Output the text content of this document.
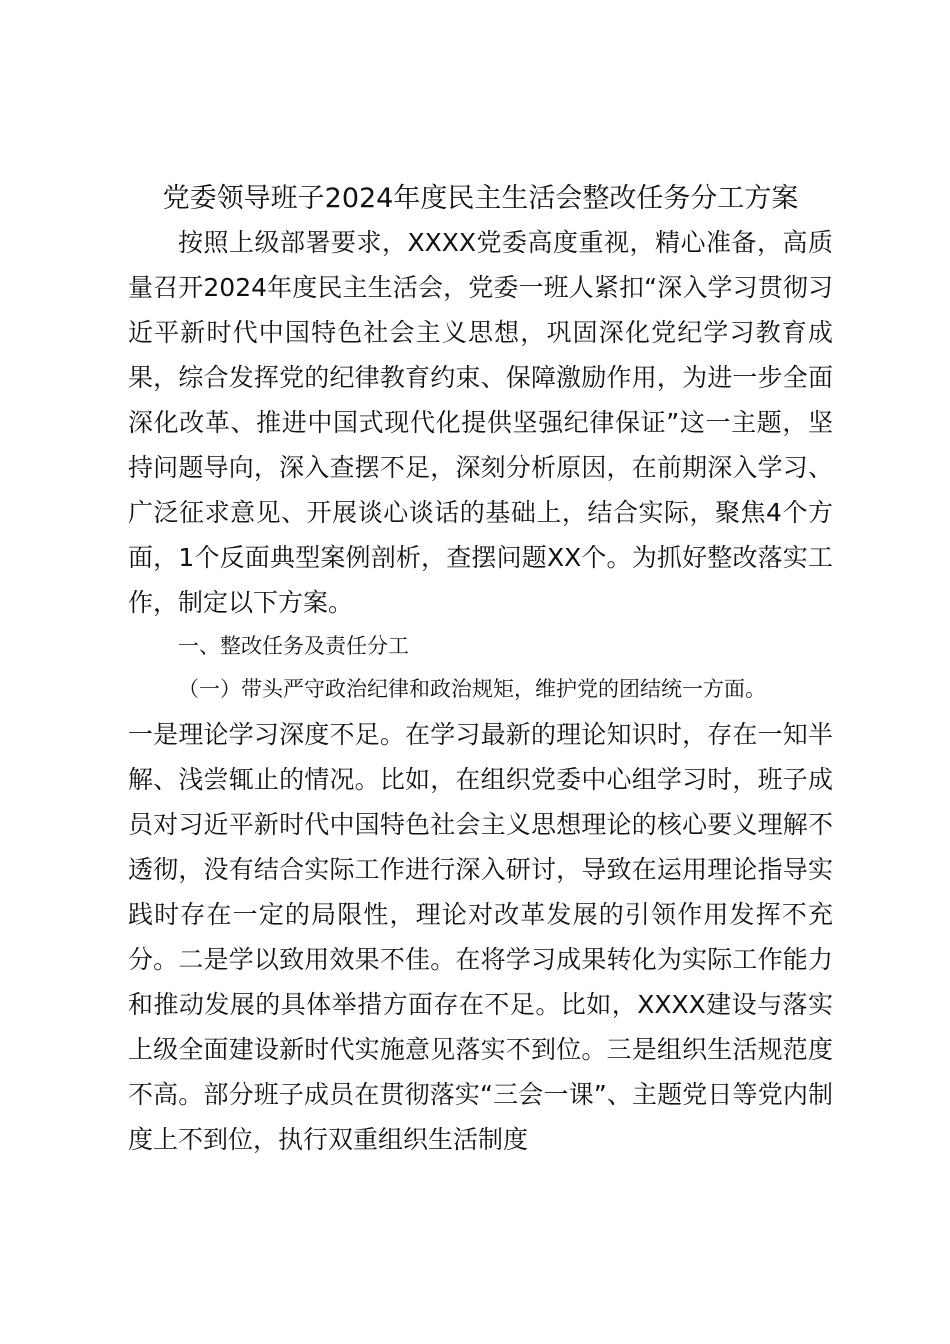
党委领导班子2024年度民主生活会整改任务分工方案

按照上级部署要求，XXXX党委高度重视，精心准备，高质量召开2024年度民主生活会，党委一班人紧扣“深入学习贯彻习近平新时代中国特色社会主义思想，巩固深化党纪学习教育成果，综合发挥党的纪律教育约束、保障激励作用，为进一步全面深化改革、推进中国式现代化提供坚强纪律保证”这一主题，坚持问题导向，深入查摆不足，深刻分析原因，在前期深入学习、广泛征求意见、开展谈心谈话的基础上，结合实际，聚焦4个方面，1个反面典型案例剖析，查摆问题XX个。为抓好整改落实工作，制定以下方案。

一、整改任务及责任分工

（一）带头严守政治纪律和政治规矩，维护党的团结统一方面。

一是理论学习深度不足。在学习最新的理论知识时，存在一知半解、浅尝辄止的情况。比如，在组织党委中心组学习时，班子成员对习近平新时代中国特色社会主义思想理论的核心要义理解不透彻，没有结合实际工作进行深入研讨，导致在运用理论指导实践时存在一定的局限性，理论对改革发展的引领作用发挥不充分。二是学以致用效果不佳。在将学习成果转化为实际工作能力和推动发展的具体举措方面存在不足。比如，XXXX建设与落实上级全面建设新时代实施意见落实不到位。三是组织生活规范度不高。部分班子成员在贯彻落实“三会一课”、主题党日等党内制度上不到位，执行双重组织生活制度
